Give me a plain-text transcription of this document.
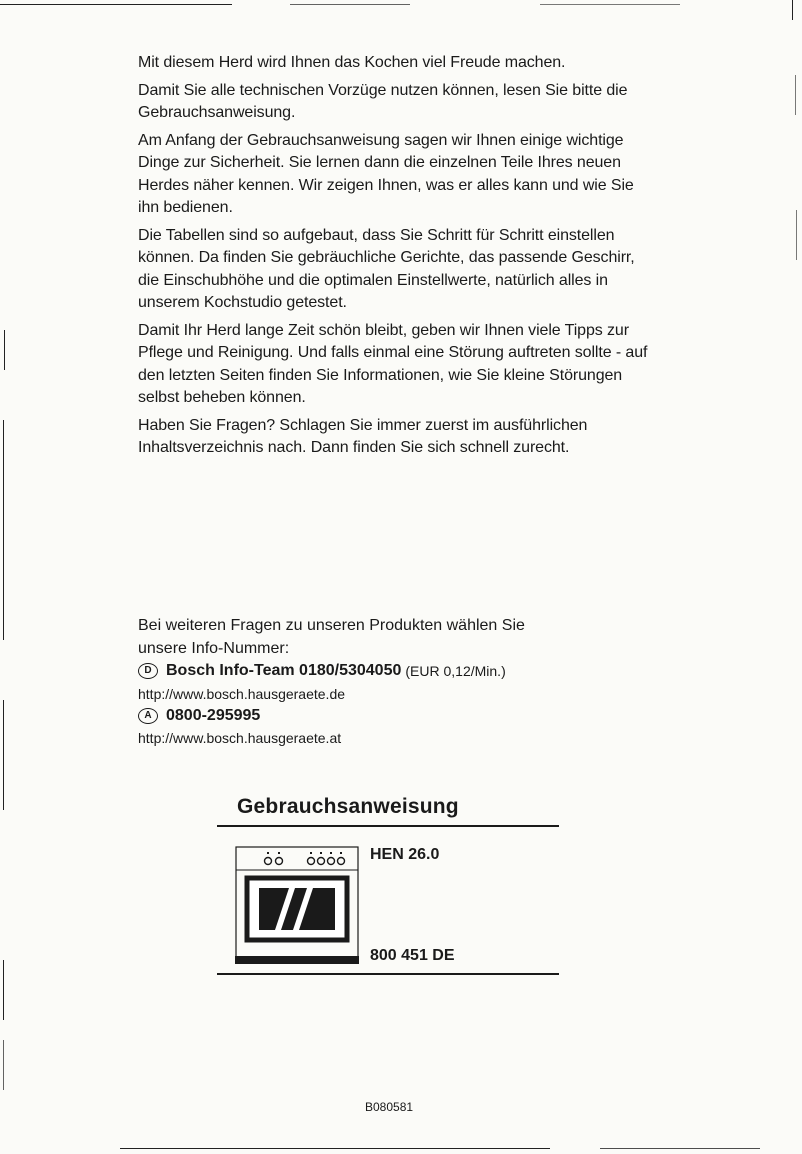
Mit diesem Herd wird Ihnen das Kochen viel Freude machen.

Damit Sie alle technischen Vorzüge nutzen können, lesen Sie bitte die Gebrauchsanweisung.

Am Anfang der Gebrauchsanweisung sagen wir Ihnen einige wichtige Dinge zur Sicherheit. Sie lernen dann die einzelnen Teile Ihres neuen Herdes näher kennen. Wir zeigen Ihnen, was er alles kann und wie Sie ihn bedienen.

Die Tabellen sind so aufgebaut, dass Sie Schritt für Schritt einstellen können. Da finden Sie gebräuchliche Gerichte, das passende Geschirr, die Einschubhöhe und die optimalen Einstellwerte, natürlich alles in unserem Kochstudio getestet.

Damit Ihr Herd lange Zeit schön bleibt, geben wir Ihnen viele Tipps zur Pflege und Reinigung. Und falls einmal eine Störung auftreten sollte - auf den letzten Seiten finden Sie Informationen, wie Sie kleine Störungen selbst beheben können.

Haben Sie Fragen? Schlagen Sie immer zuerst im ausführlichen Inhaltsverzeichnis nach. Dann finden Sie sich schnell zurecht.

Bei weiteren Fragen zu unseren Produkten wählen Sie

unsere Info-Nummer:

D Bosch Info-Team 0180/5304050 (EUR 0,12/Min.)

http://www.bosch.hausgeraete.de

A 0800-295995

http://www.bosch.hausgeraete.at

Gebrauchsanweisung
HEN 26.0
800 451 DE
B080581
